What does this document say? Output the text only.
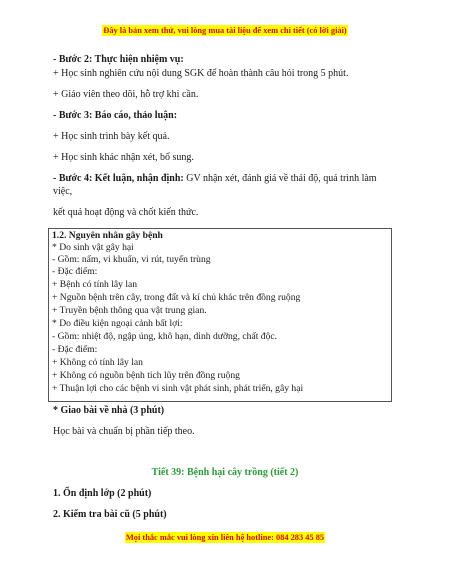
Đây là bản xem thử, vui lòng mua tài liệu để xem chi tiết (có lời giải)
- Bước 2: Thực hiện nhiệm vụ:
+ Học sinh nghiên cứu nội dung SGK để hoàn thành câu hỏi trong 5 phút.
+ Giáo viên theo dõi, hỗ trợ khi cần.
- Bước 3: Báo cáo, thảo luận:
+ Học sinh trình bày kết quả.
+ Học sinh khác nhận xét, bổ sung.
- Bước 4: Kết luận, nhận định: GV nhận xét, đánh giá về thái độ, quá trình làm
việc,
kết quả hoạt động và chốt kiến thức.
1.2. Nguyên nhân gây bệnh
* Do sinh vật gây hại
- Gồm: nấm, vi khuẩn, vi rút, tuyến trùng
- Đặc điểm:
+ Bệnh có tính lây lan
+ Nguồn bệnh trên cây, trong đất và kí chủ khác trên đồng ruộng
+ Truyền bệnh thông qua vật trung gian.
* Do điều kiện ngoại cảnh bất lợi:
- Gồm: nhiệt độ, ngập úng, khô hạn, dinh dưỡng, chất độc.
- Đặc điểm:
+ Không có tính lây lan
+ Không có nguồn bệnh tích lũy trên đồng ruộng
+ Thuận lợi cho các bệnh vi sinh vật phát sinh, phát triển, gây hại
* Giao bài về nhà (3 phút)
Học bài và chuẩn bị phần tiếp theo.
Tiết 39: Bệnh hại cây trồng (tiết 2)
1. Ổn định lớp (2 phút)
2. Kiểm tra bài cũ (5 phút)
Mọi thắc mắc vui lòng xin liên hệ hotline: 084 283 45 85
